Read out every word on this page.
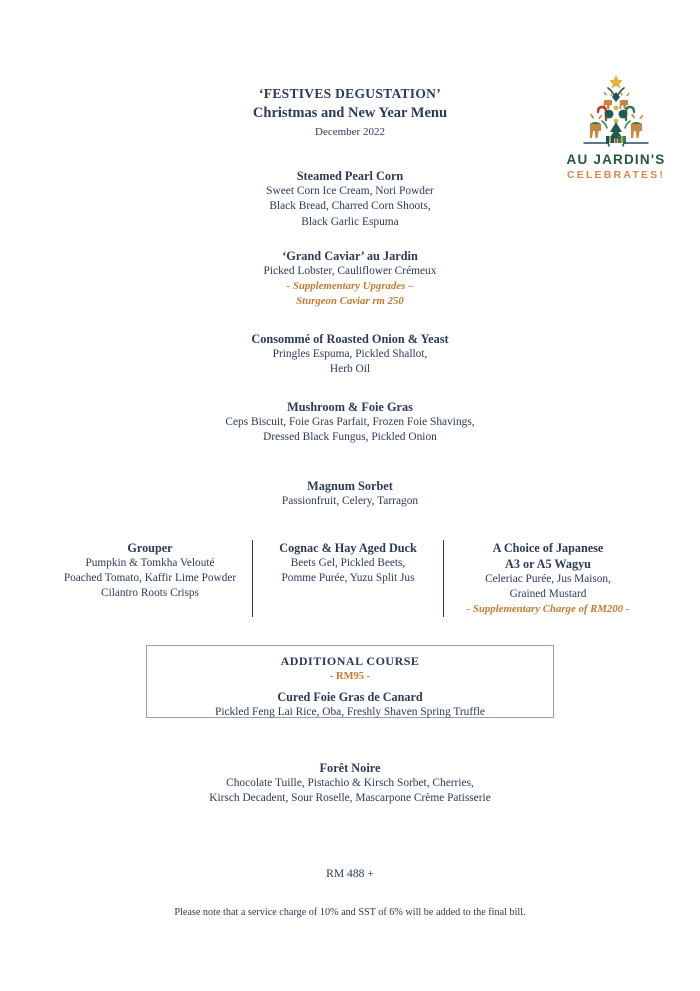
AU JARDIN'S
CELEBRATES!
‘FESTIVES DEGUSTATION’
Christmas and New Year Menu
December 2022
Steamed Pearl Corn
Sweet Corn Ice Cream, Nori Powder
Black Bread, Charred Corn Shoots,
Black Garlic Espuma
‘Grand Caviar’ au Jardin
Picked Lobster, Cauliflower Crémeux
- Supplementary Upgrades –
Sturgeon Caviar rm 250
Consommé of Roasted Onion & Yeast
Pringles Espuma, Pickled Shallot,
Herb Oil
Mushroom & Foie Gras
Ceps Biscuit, Foie Gras Parfait, Frozen Foie Shavings,
Dressed Black Fungus, Pickled Onion
Magnum Sorbet
Passionfruit, Celery, Tarragon
Grouper
Pumpkin & Tomkha Velouté
Poached Tomato, Kaffir Lime Powder
Cilantro Roots Crisps
Cognac & Hay Aged Duck
Beets Gel, Pickled Beets,
Pomme Purée, Yuzu Split Jus
A Choice of Japanese
A3 or A5 Wagyu
Celeriac Purée, Jus Maison,
Grained Mustard
- Supplementary Charge of RM200 -
ADDITIONAL COURSE
- RM95 -
Cured Foie Gras de Canard
Pickled Feng Lai Rice, Oba, Freshly Shaven Spring Truffle
Forêt Noire
Chocolate Tuille, Pistachio & Kirsch Sorbet, Cherries,
Kirsch Decadent, Sour Roselle, Mascarpone Crème Patisserie
RM 488 +
Please note that a service charge of 10% and SST of 6% will be added to the final bill.
